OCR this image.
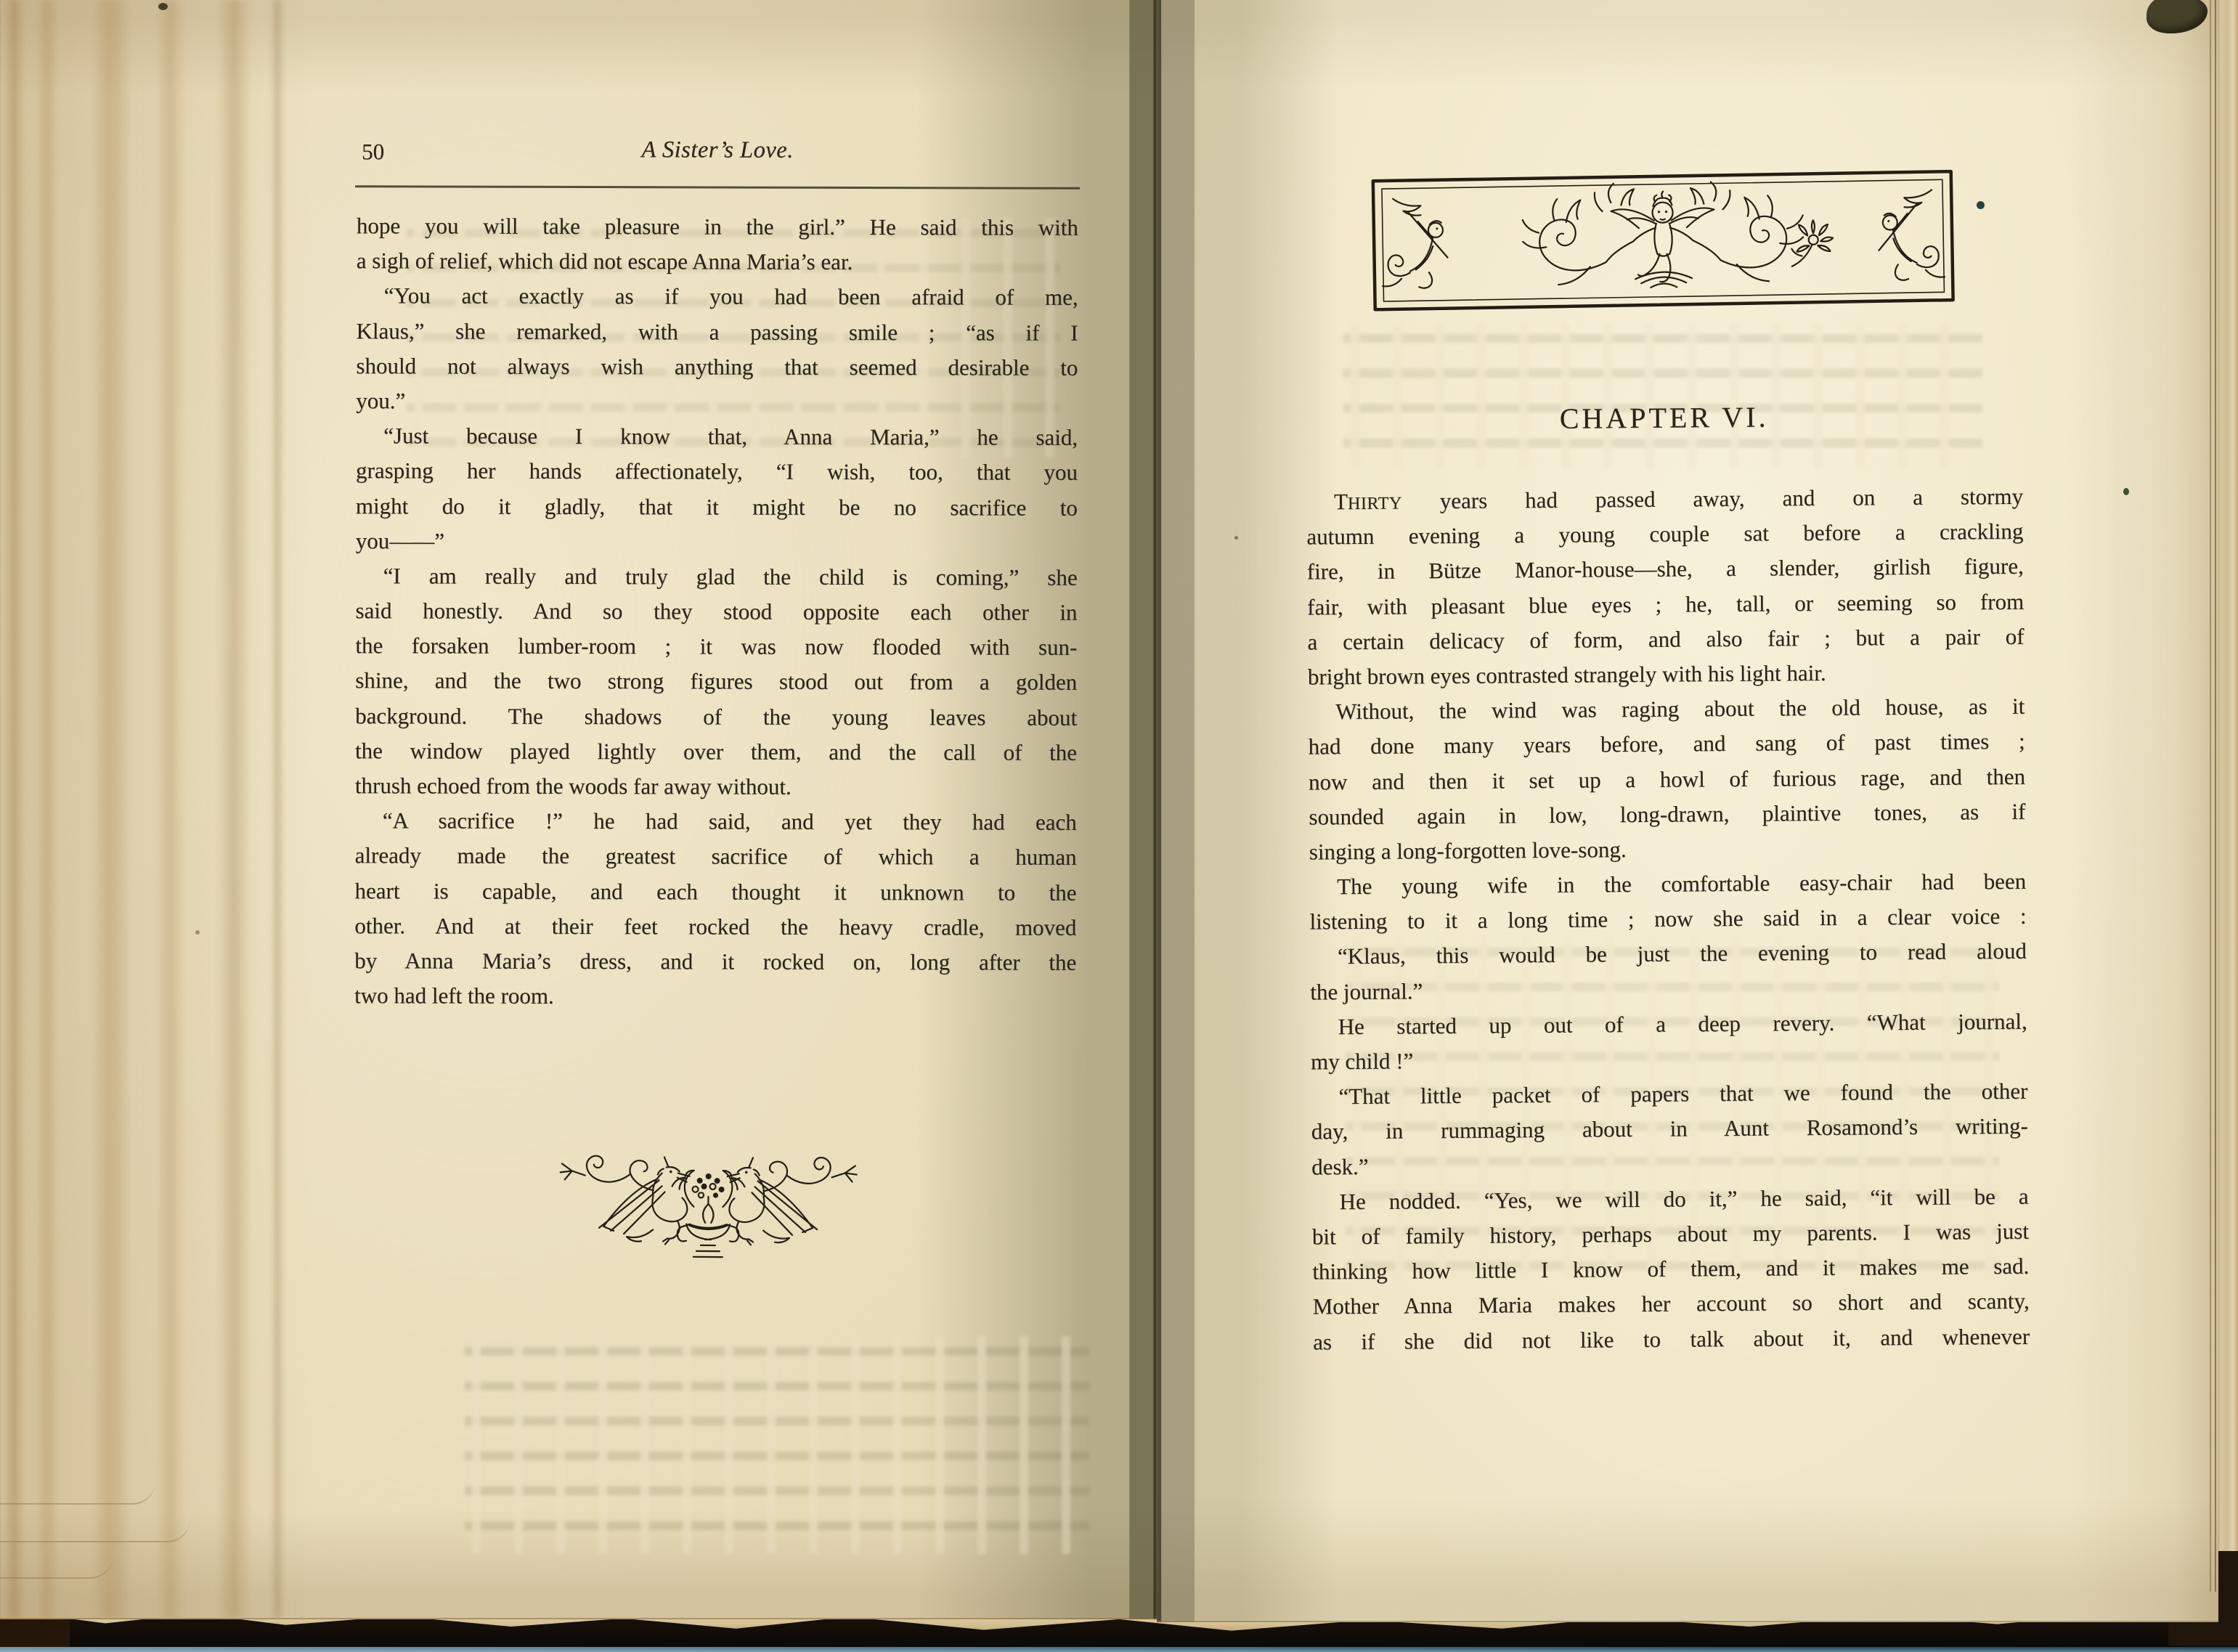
50	A Sister’s Love.
hope you will take pleasure in the girl.” He said this with
a sigh of relief, which did not escape Anna Maria’s ear.
“You act exactly as if you had been afraid of me,
Klaus,” she remarked, with a passing smile ; “as if I
should not always wish anything that seemed desirable to
you.”
“Just because I know that, Anna Maria,” he said,
grasping her hands affectionately, “I wish, too, that you
might do it gladly, that it might be no sacrifice to
you——”
“I am really and truly glad the child is coming,” she
said honestly. And so they stood opposite each other in
the forsaken lumber-room ; it was now flooded with sun-
shine, and the two strong figures stood out from a golden
background. The shadows of the young leaves about
the window played lightly over them, and the call of the
thrush echoed from the woods far away without.
“A sacrifice !” he had said, and yet they had each
already made the greatest sacrifice of which a human
heart is capable, and each thought it unknown to the
other. And at their feet rocked the heavy cradle, moved
by Anna Maria’s dress, and it rocked on, long after the
two had left the room.
CHAPTER VI.
THIRTY years had passed away, and on a stormy
autumn evening a young couple sat before a crackling
fire, in Bütze Manor-house—she, a slender, girlish figure,
fair, with pleasant blue eyes ; he, tall, or seeming so from
a certain delicacy of form, and also fair ; but a pair of
bright brown eyes contrasted strangely with his light hair.
Without, the wind was raging about the old house, as it
had done many years before, and sang of past times ;
now and then it set up a howl of furious rage, and then
sounded again in low, long-drawn, plaintive tones, as if
singing a long-forgotten love-song.
The young wife in the comfortable easy-chair had been
listening to it a long time ; now she said in a clear voice :
“Klaus, this would be just the evening to read aloud
the journal.”
He started up out of a deep revery. “What journal,
my child !”
“That little packet of papers that we found the other
day, in rummaging about in Aunt Rosamond’s writing-
desk.”
He nodded. “Yes, we will do it,” he said, “it will be a
bit of family history, perhaps about my parents. I was just
thinking how little I know of them, and it makes me sad.
Mother Anna Maria makes her account so short and scanty,
as if she did not like to talk about it, and whenever
